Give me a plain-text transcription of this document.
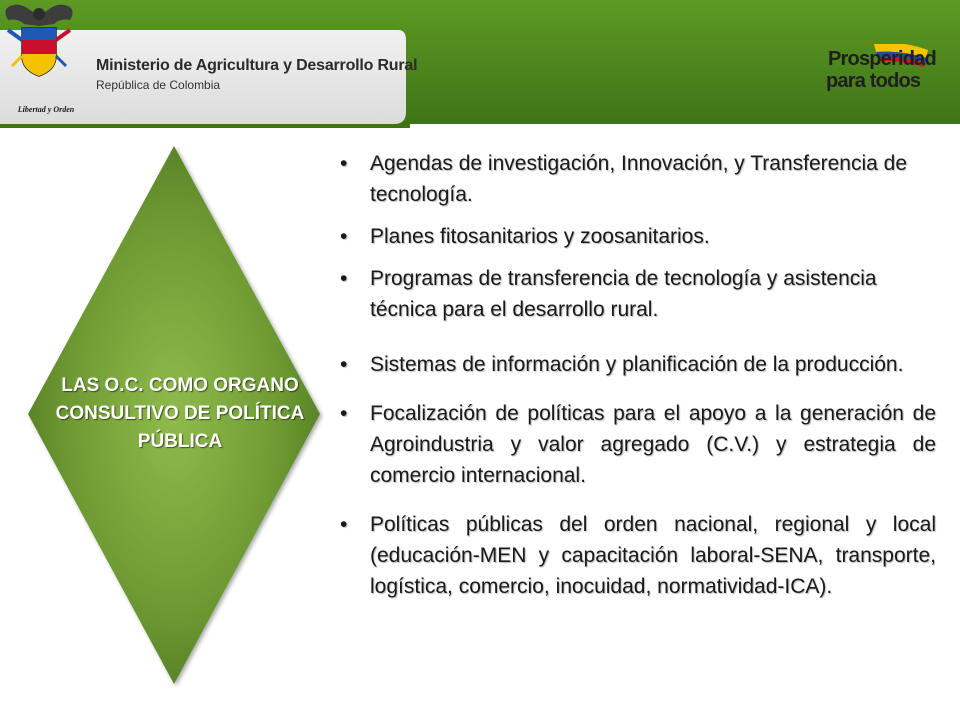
Libertad y Orden
Ministerio de Agricultura y Desarrollo Rural
República de Colombia
Prosperidad
para todos
LAS O.C. COMO ORGANO CONSULTIVO DE POLÍTICA PÚBLICA
•	Agendas de investigación, Innovación, y Transferencia de tecnología.
•	Planes fitosanitarios y zoosanitarios.
•	Programas de transferencia de tecnología y asistencia técnica para el desarrollo rural.
•	Sistemas de información y planificación de la producción.
•	Focalización de políticas para el apoyo a la generación de Agroindustria y valor agregado (C.V.) y estrategia de comercio internacional.
•	Políticas públicas del orden nacional, regional y local (educación-MEN y capacitación laboral-SENA, transporte, logística, comercio, inocuidad, normatividad-ICA).
